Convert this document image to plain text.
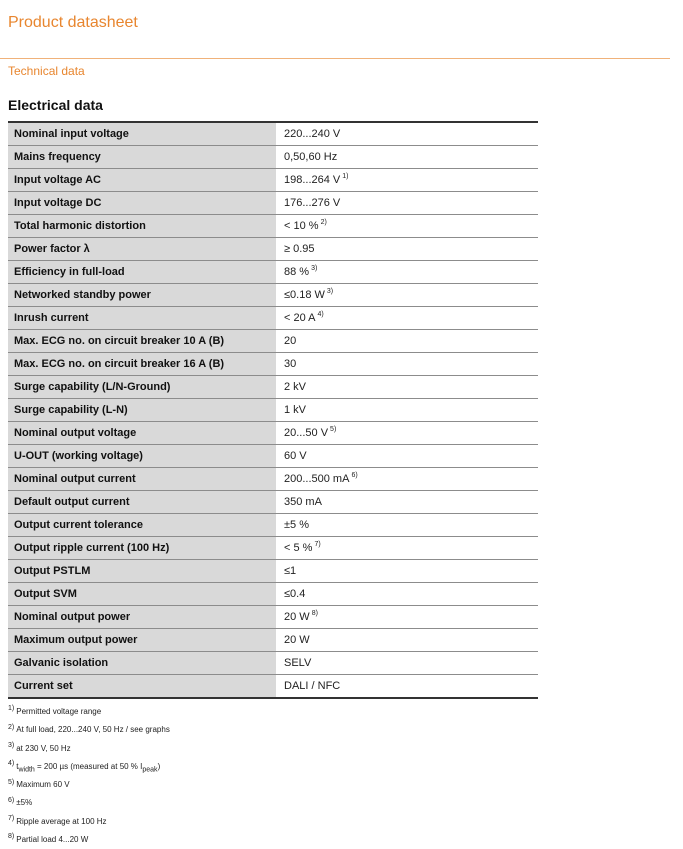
Product datasheet
Technical data
Electrical data
Nominal input voltage	220...240 V
Mains frequency	0,50,60 Hz
Input voltage AC	198...264 V $^{1)}$
Input voltage DC	176...276 V
Total harmonic distortion	< 10 % $^{2)}$
Power factor λ	≥ 0.95
Efficiency in full-load	88 % $^{3)}$
Networked standby power	≤0.18 W $^{3)}$
Inrush current	< 20 A $^{4)}$
Max. ECG no. on circuit breaker 10 A (B)	20
Max. ECG no. on circuit breaker 16 A (B)	30
Surge capability (L/N-Ground)	2 kV
Surge capability (L-N)	1 kV
Nominal output voltage	20...50 V $^{5)}$
U-OUT (working voltage)	60 V
Nominal output current	200...500 mA $^{6)}$
Default output current	350 mA
Output current tolerance	±5 %
Output ripple current (100 Hz)	< 5 % $^{7)}$
Output PSTLM	≤1
Output SVM	≤0.4
Nominal output power	20 W $^{8)}$
Maximum output power	20 W
Galvanic isolation	SELV
Current set	DALI / NFC
1) Permitted voltage range
2) At full load, 220...240 V, 50 Hz / see graphs
3) at 230 V, 50 Hz
4) twidth = 200 µs (measured at 50 % Ipeak)
5) Maximum 60 V
6) ±5%
7) Ripple average at 100 Hz
8) Partial load 4...20 W
